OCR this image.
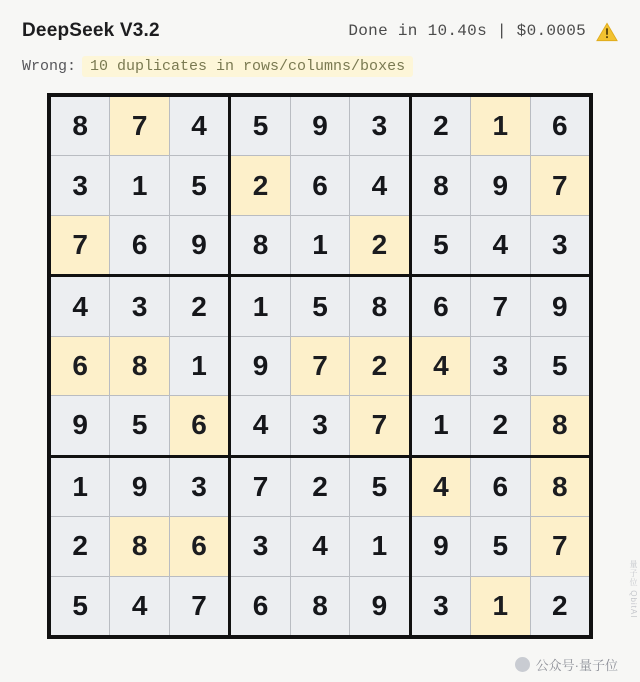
DeepSeek V3.2	Done in 10.40s | $0.0005
Wrong: 10 duplicates in rows/columns/boxes
8 7 4
3 1 5
7 6 9
5 9 3
2 6 4
8 1 2
2 1 6
8 9 7
5 4 3
4 3 2
6 8 1
9 5 6
1 5 8
9 7 2
4 3 7
6 7 9
4 3 5
1 2 8
1 9 3
2 8 6
5 4 7
7 2 5
3 4 1
6 8 9
4 6 8
9 5 7
3 1 2
公众号·量子位
量子位 QbitAI
